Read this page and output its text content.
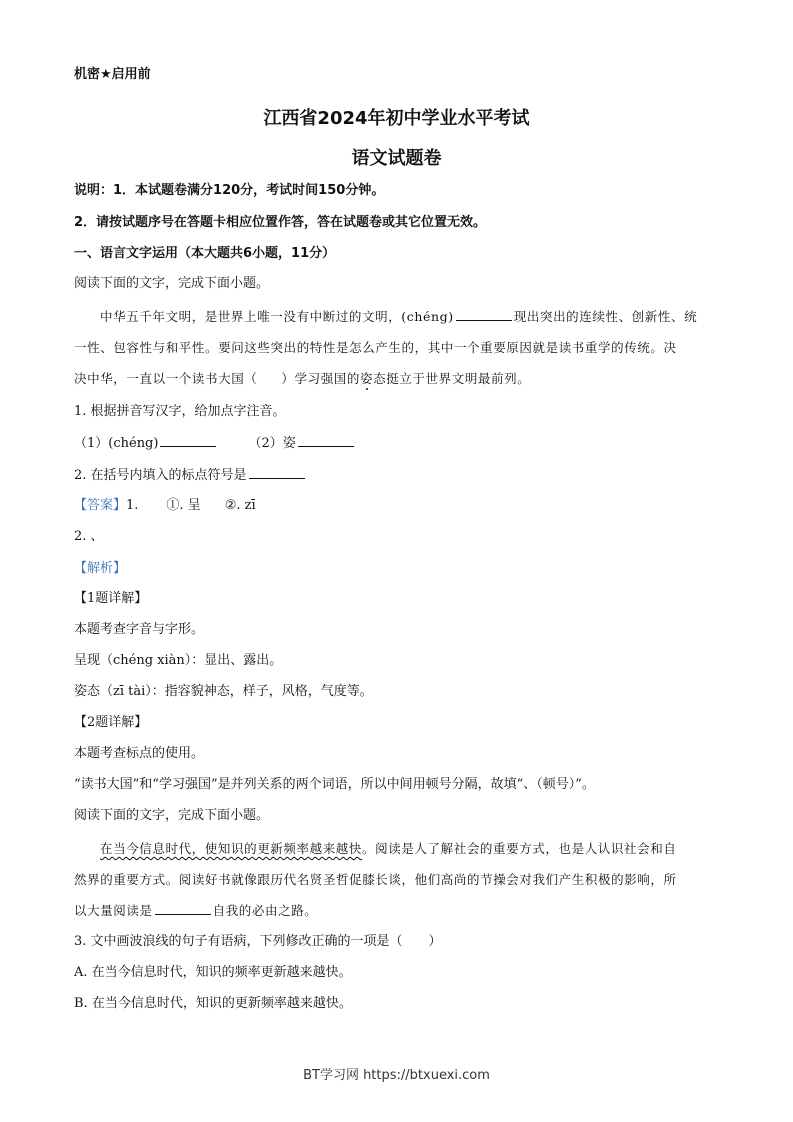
机密★启用前
江西省2024年初中学业水平考试
语文试题卷
说明：1．本试题卷满分120分，考试时间150分钟。
2．请按试题序号在答题卡相应位置作答，答在试题卷或其它位置无效。
一、语言文字运用（本大题共6小题，11分）
阅读下面的文字，完成下面小题。
中华五千年文明，是世界上唯一没有中断过的文明，(chéng)	现出突出的连续性、创新性、统
一性、包容性与和平性。要问这些突出的特性是怎么产生的，其中一个重要原因就是读书重学的传统。决
决中华，一直以一个读书大国（ ）学习强国的姿态挺立于世界文明最前列。
1. 根据拼音写汉字，给加点字注音。
（1）(chéng)	（2）姿
2. 在括号内填入的标点符号是
【答案】1. ①. 呈 ②. zī
2. 、
【解析】
【1题详解】
本题考查字音与字形。
呈现（chéng xiàn）：显出、露出。
姿态（zī tài）：指容貌神态，样子，风格，气度等。
【2题详解】
本题考查标点的使用。
“读书大国”和“学习强国”是并列关系的两个词语，所以中间用顿号分隔，故填“、（顿号）”。
阅读下面的文字，完成下面小题。
在当今信息时代，使知识的更新频率越来越快。阅读是人了解社会的重要方式，也是人认识社会和自
然界的重要方式。阅读好书就像跟历代名贤圣哲促膝长谈，他们高尚的节操会对我们产生积极的影响，所
以大量阅读是	自我的必由之路。
3. 文中画波浪线的句子有语病，下列修改正确的一项是（　　）
A. 在当今信息时代，知识的频率更新越来越快。
B. 在当今信息时代，知识的更新频率越来越快。
BT学习网 https://btxuexi.com
